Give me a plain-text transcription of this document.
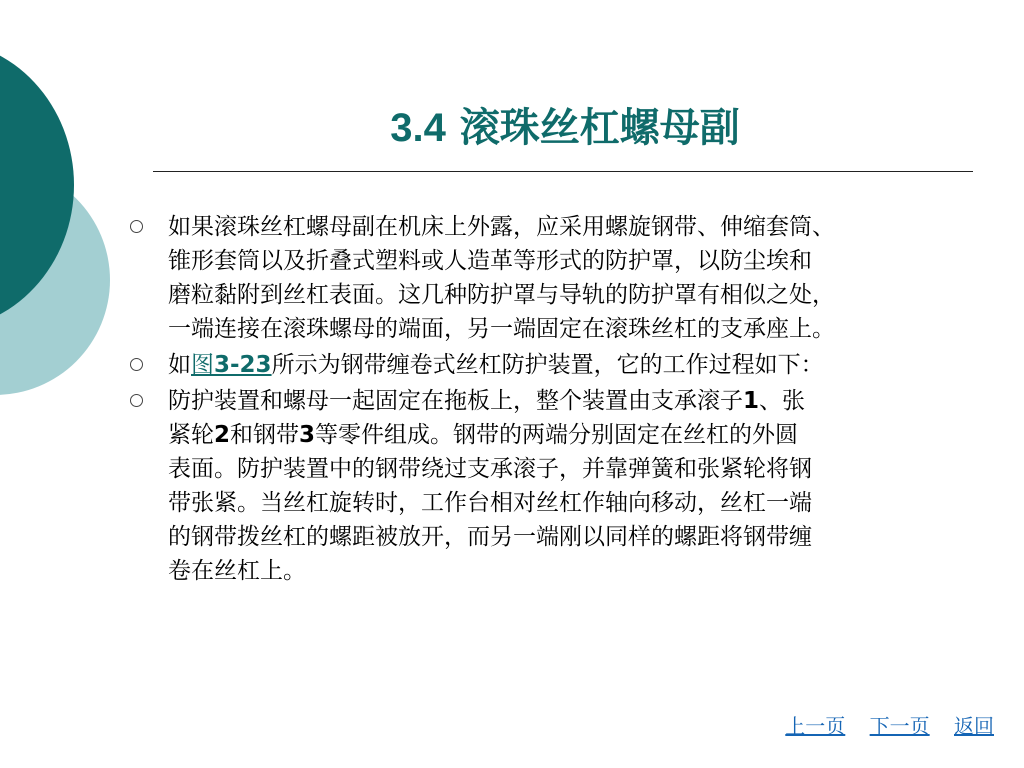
3.4 滚珠丝杠螺母副
如果滚珠丝杠螺母副在机床上外露，应采用螺旋钢带、伸缩套筒、
锥形套筒以及折叠式塑料或人造革等形式的防护罩，以防尘埃和
磨粒黏附到丝杠表面。这几种防护罩与导轨的防护罩有相似之处，
一端连接在滚珠螺母的端面，另一端固定在滚珠丝杠的支承座上。
如图3-23所示为钢带缠卷式丝杠防护装置，它的工作过程如下：
防护装置和螺母一起固定在拖板上，整个装置由支承滚子1、张
紧轮2和钢带3等零件组成。钢带的两端分别固定在丝杠的外圆
表面。防护装置中的钢带绕过支承滚子，并靠弹簧和张紧轮将钢
带张紧。当丝杠旋转时，工作台相对丝杠作轴向移动，丝杠一端
的钢带拨丝杠的螺距被放开，而另一端刚以同样的螺距将钢带缠
卷在丝杠上。
上一页 下一页 返回
